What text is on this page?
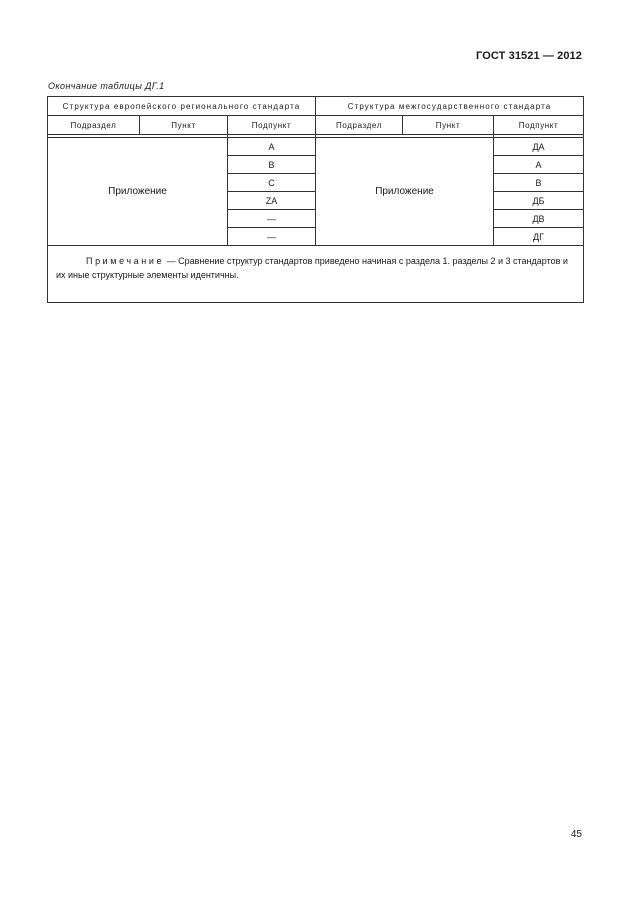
ГОСТ 31521 — 2012
Окончание таблицы ДГ.1
Структура европейского регионального стандарта			Структура межгосударственного стандарта		
Подраздел	Пункт	Подпункт	Подраздел	Пункт	Подпункт

Приложение		A	Приложение		ДА
		B			А
		C			В
		ZA			ДБ
		—			ДВ
		—			ДГ
Примечание — Сравнение структур стандартов приведено начиная с раздела 1. разделы 2 и 3 стандартов и их иные структурные элементы идентичны.					
45
